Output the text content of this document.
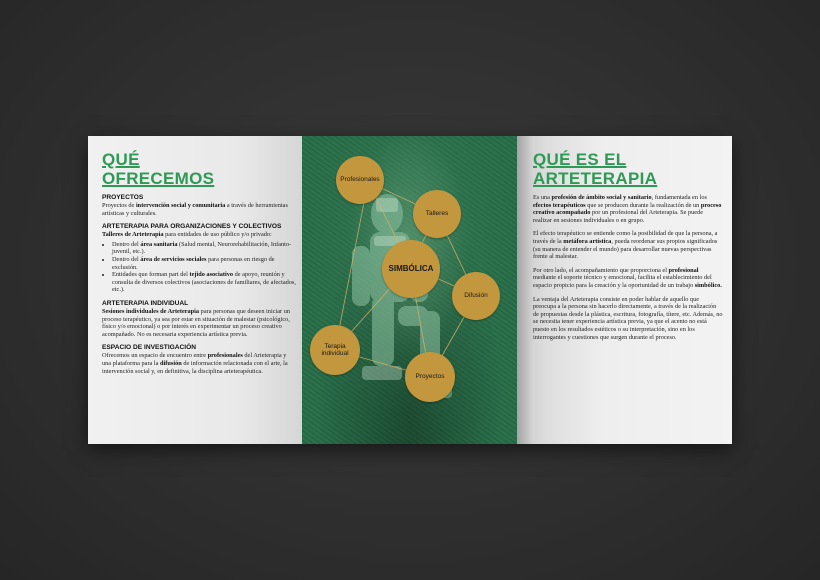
QUÉ
OFRECEMOS
PROYECTOS

Proyectos de intervención social y comunitaria a través de herramientas artísticas y culturales.

ARTETERAPIA PARA ORGANIZACIONES Y COLECTIVOS
Talleres de Arteterapia para entidades de uso público y/o privado:
• Dentro del área sanitaria (Salud mental, Neurorehabilitación, Infanto-juvenil, etc.).
• Dentro del área de servicios sociales para personas en riesgo de exclusión.
• Entidades que forman part del tejido asociativo de apoyo, reunión y consulta de diversos colectivos (asociaciones de familiares, de afectados, etc.).
ARTETERAPIA INDIVIDUAL

Sesiones individuales de Arteterapia para personas que deseen iniciar un proceso terapéutico, ya sea por estar en situación de malestar (psicológico, físico y/o emocional) o por interés en experimentar un proceso creativo acompañado. No es necesaria experiencia artística previa.

ESPACIO DE INVESTIGACIÓN

Ofrecemos un espacio de encuentro entre profesionales del Arteterapia y una plataforma para la difusión de información relacionada con el arte, la intervención social y, en definitiva, la disciplina arteterapéutica.

Profesionales
Talleres
SIMBÓLICA
Difusión
Terapia
individual
Proyectos
QUÉ ES EL
ARTETERAPIA

Es una profesión de ámbito social y sanitario, fundamentada en los efectos terapéuticos que se producen durante la realización de un proceso creativo acompañado por un profesional del Arteterapia. Se puede realizar en sesiones individuales o en grupo.

El efecto terapéutico se entiende como la posibilidad de que la persona, a través de la metáfora artística, pueda reordenar sus propios significados (su manera de entender el mundo) para desarrollar nuevas perspectivas frente al malestar.

Por otro lado, el acompañamiento que proporciona el profesional mediante el soporte técnico y emocional, facilita el establecimiento del espacio propicio para la creación y la oportunidad de un trabajo simbólico.

La ventaja del Arteterapia consiste en poder hablar de aquello que preocupa a la persona sin hacerlo directamente, a través de la realización de propuestas desde la plástica, escritura, fotografía, títere, etc. Además, no se necesita tener experiencia artística previa, ya que el acento no está puesto en los resultados estéticos o su interpretación, sino en los interrogantes y cuestiones que surgen durante el proceso.
